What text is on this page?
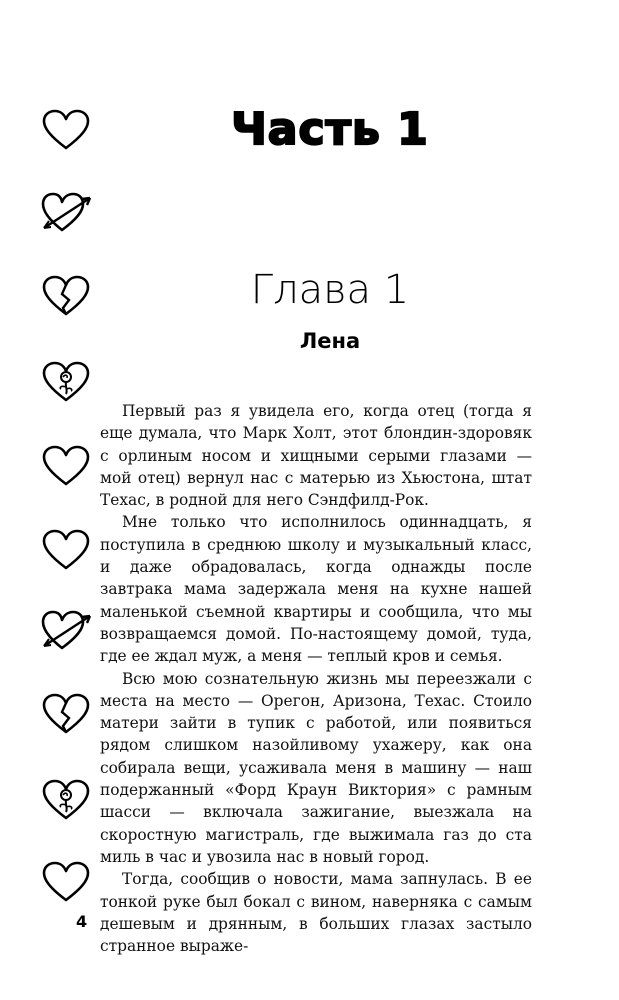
Часть 1
Глава 1
Лена

Первый раз я увидела его, когда отец (тогда я еще думала, что Марк Холт, этот блондин-здоровяк с орлиным носом и хищными серыми глазами — мой отец) вернул нас с матерью из Хьюстона, штат Техас, в родной для него Сэндфилд-Рок.

Мне только что исполнилось одиннадцать, я поступила в среднюю школу и музыкальный класс, и даже обрадовалась, когда однажды после завтрака мама задержала меня на кухне нашей маленькой съемной квартиры и сообщила, что мы возвращаемся домой. По-настоящему домой, туда, где ее ждал муж, а меня — теплый кров и семья.

Всю мою сознательную жизнь мы переезжали с места на место — Орегон, Аризона, Техас. Стоило матери зайти в тупик с работой, или появиться рядом слишком назойливому ухажеру, как она собирала вещи, усаживала меня в машину — наш подержанный «Форд Краун Виктория» с рамным шасси — включала зажигание, выезжала на скоростную магистраль, где выжимала газ до ста миль в час и увозила нас в новый город.

Тогда, сообщив о новости, мама запнулась. В ее тонкой руке был бокал с вином, наверняка с самым дешевым и дрянным, в больших глазах застыло странное выраже-

4
